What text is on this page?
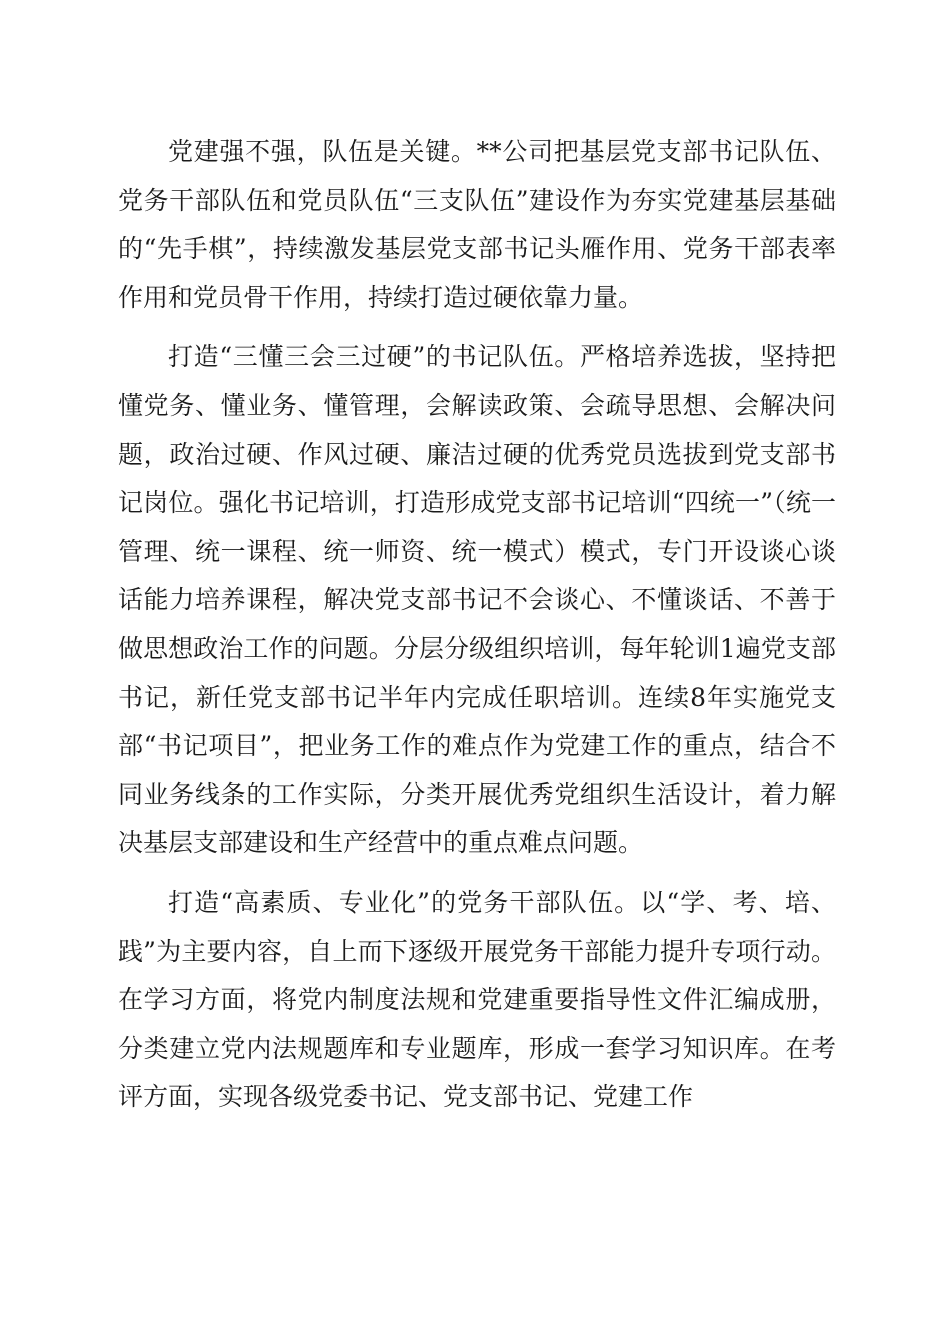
党建强不强，队伍是关键。**公司把基层党支部书记队伍、党务干部队伍和党员队伍“三支队伍”建设作为夯实党建基层基础的“先手棋”，持续激发基层党支部书记头雁作用、党务干部表率作用和党员骨干作用，持续打造过硬依靠力量。

打造“三懂三会三过硬”的书记队伍。严格培养选拔，坚持把懂党务、懂业务、懂管理，会解读政策、会疏导思想、会解决问题，政治过硬、作风过硬、廉洁过硬的优秀党员选拔到党支部书记岗位。强化书记培训，打造形成党支部书记培训“四统一”（统一管理、统一课程、统一师资、统一模式）模式，专门开设谈心谈话能力培养课程，解决党支部书记不会谈心、不懂谈话、不善于做思想政治工作的问题。分层分级组织培训，每年轮训1遍党支部书记，新任党支部书记半年内完成任职培训。连续8年实施党支部“书记项目”，把业务工作的难点作为党建工作的重点，结合不同业务线条的工作实际，分类开展优秀党组织生活设计，着力解决基层支部建设和生产经营中的重点难点问题。

打造“高素质、专业化”的党务干部队伍。以“学、考、培、践”为主要内容，自上而下逐级开展党务干部能力提升专项行动。在学习方面，将党内制度法规和党建重要指导性文件汇编成册，分类建立党内法规题库和专业题库，形成一套学习知识库。在考评方面，实现各级党委书记、党支部书记、党建工作
